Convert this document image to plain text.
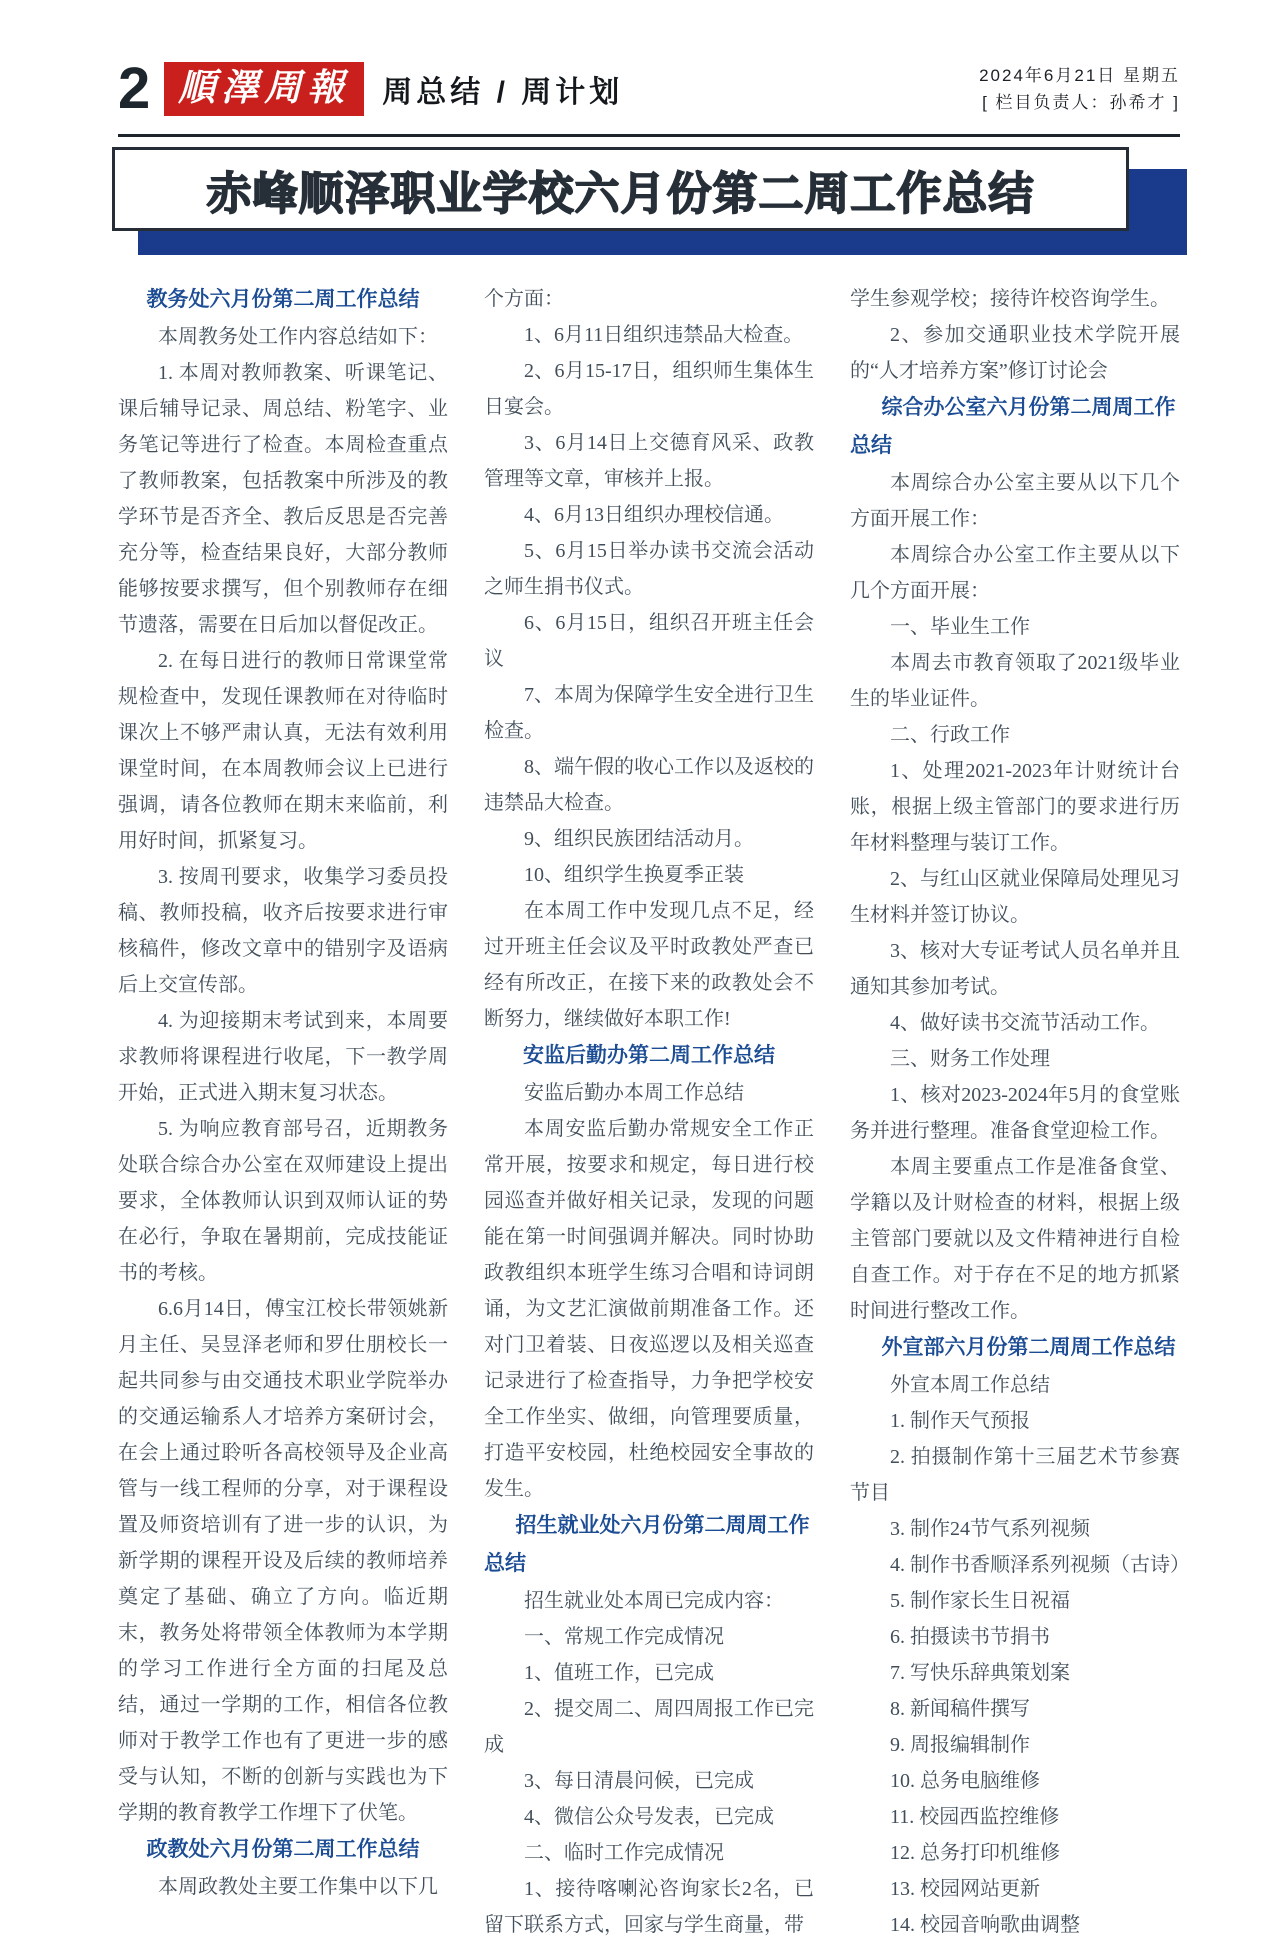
2 順澤周報	周总结 / 周计划
2024年6月21日 星期五
[ 栏目负责人：孙希才 ]
赤峰顺泽职业学校六月份第二周工作总结
教务处六月份第二周工作总结
本周教务处工作内容总结如下：
1. 本周对教师教案、听课笔记、课后辅导记录、周总结、粉笔字、业务笔记等进行了检查。本周检查重点了教师教案，包括教案中所涉及的教学环节是否齐全、教后反思是否完善充分等，检查结果良好，大部分教师能够按要求撰写，但个别教师存在细节遗落，需要在日后加以督促改正。
2. 在每日进行的教师日常课堂常规检查中，发现任课教师在对待临时课次上不够严肃认真，无法有效利用课堂时间，在本周教师会议上已进行强调，请各位教师在期末来临前，利用好时间，抓紧复习。
3. 按周刊要求，收集学习委员投稿、教师投稿，收齐后按要求进行审核稿件，修改文章中的错别字及语病后上交宣传部。
4. 为迎接期末考试到来，本周要求教师将课程进行收尾，下一教学周开始，正式进入期末复习状态。
5. 为响应教育部号召，近期教务处联合综合办公室在双师建设上提出要求，全体教师认识到双师认证的势在必行，争取在暑期前，完成技能证书的考核。
6.6月14日，傅宝江校长带领姚新月主任、吴昱泽老师和罗仕朋校长一起共同参与由交通技术职业学院举办的交通运输系人才培养方案研讨会，在会上通过聆听各高校领导及企业高管与一线工程师的分享，对于课程设置及师资培训有了进一步的认识，为新学期的课程开设及后续的教师培养奠定了基础、确立了方向。临近期末，教务处将带领全体教师为本学期的学习工作进行全方面的扫尾及总结，通过一学期的工作，相信各位教师对于教学工作也有了更进一步的感受与认知，不断的创新与实践也为下学期的教育教学工作埋下了伏笔。
政教处六月份第二周工作总结
本周政教处主要工作集中以下几
个方面：
1、6月11日组织违禁品大检查。
2、6月15-17日，组织师生集体生日宴会。
3、6月14日上交德育风采、政教管理等文章，审核并上报。
4、6月13日组织办理校信通。
5、6月15日举办读书交流会活动之师生捐书仪式。
6、6月15日，组织召开班主任会议
7、本周为保障学生安全进行卫生检查。
8、端午假的收心工作以及返校的违禁品大检查。
9、组织民族团结活动月。
10、组织学生换夏季正装
在本周工作中发现几点不足，经过开班主任会议及平时政教处严查已经有所改正，在接下来的政教处会不断努力，继续做好本职工作!
安监后勤办第二周工作总结
安监后勤办本周工作总结
本周安监后勤办常规安全工作正常开展，按要求和规定，每日进行校园巡查并做好相关记录，发现的问题能在第一时间强调并解决。同时协助政教组织本班学生练习合唱和诗词朗诵，为文艺汇演做前期准备工作。还对门卫着装、日夜巡逻以及相关巡查记录进行了检查指导，力争把学校安全工作坐实、做细，向管理要质量，打造平安校园，杜绝校园安全事故的发生。
招生就业处六月份第二周周工作总结
招生就业处本周已完成内容：
一、常规工作完成情况
1、值班工作，已完成
2、提交周二、周四周报工作已完成
3、每日清晨问候，已完成
4、微信公众号发表，已完成
二、临时工作完成情况
1、接待喀喇沁咨询家长2名，已留下联系方式，回家与学生商量，带
学生参观学校；接待许校咨询学生。
2、参加交通职业技术学院开展的“人才培养方案”修订讨论会
综合办公室六月份第二周周工作总结
本周综合办公室主要从以下几个方面开展工作：
本周综合办公室工作主要从以下几个方面开展：
一、毕业生工作
本周去市教育领取了2021级毕业生的毕业证件。
二、行政工作
1、处理2021-2023年计财统计台账，根据上级主管部门的要求进行历年材料整理与装订工作。
2、与红山区就业保障局处理见习生材料并签订协议。
3、核对大专证考试人员名单并且通知其参加考试。
4、做好读书交流节活动工作。
三、财务工作处理
1、核对2023-2024年5月的食堂账务并进行整理。准备食堂迎检工作。
本周主要重点工作是准备食堂、学籍以及计财检查的材料，根据上级主管部门要就以及文件精神进行自检自查工作。对于存在不足的地方抓紧时间进行整改工作。
外宣部六月份第二周周工作总结
外宣本周工作总结
1. 制作天气预报
2. 拍摄制作第十三届艺术节参赛节目
3. 制作24节气系列视频
4. 制作书香顺泽系列视频（古诗）
5. 制作家长生日祝福
6. 拍摄读书节捐书
7. 写快乐辞典策划案
8. 新闻稿件撰写
9. 周报编辑制作
10. 总务电脑维修
11. 校园西监控维修
12. 总务打印机维修
13. 校园网站更新
14. 校园音响歌曲调整
